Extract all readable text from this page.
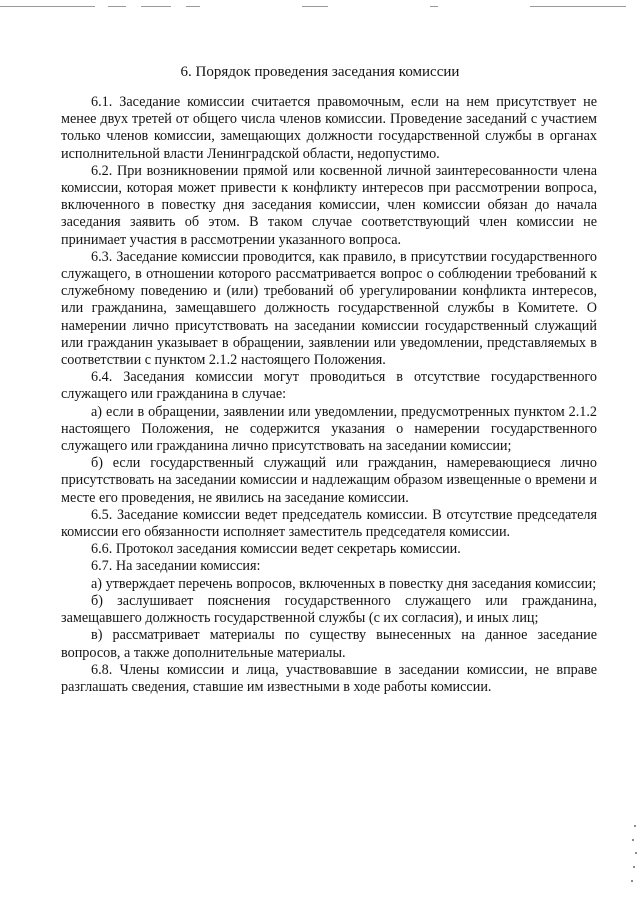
6. Порядок проведения заседания комиссии

6.1. Заседание комиссии считается правомочным, если на нем присутствует не менее двух третей от общего числа членов комиссии. Проведение заседаний с участием только членов комиссии, замещающих должности государственной службы в органах исполнительной власти Ленинградской области, недопустимо.

6.2. При возникновении прямой или косвенной личной заинтересованности члена комиссии, которая может привести к конфликту интересов при рассмотрении вопроса, включенного в повестку дня заседания комиссии, член комиссии обязан до начала заседания заявить об этом. В таком случае соответствующий член комиссии не принимает участия в рассмотрении указанного вопроса.

6.3. Заседание комиссии проводится, как правило, в присутствии государственного служащего, в отношении которого рассматривается вопрос о соблюдении требований к служебному поведению и (или) требований об урегулировании конфликта интересов, или гражданина, замещавшего должность государственной службы в Комитете. О намерении лично присутствовать на заседании комиссии государственный служащий или гражданин указывает в обращении, заявлении или уведомлении, представляемых в соответствии с пунктом 2.1.2 настоящего Положения.

6.4. Заседания комиссии могут проводиться в отсутствие государственного служащего или гражданина в случае:

а) если в обращении, заявлении или уведомлении, предусмотренных пунктом 2.1.2 настоящего Положения, не содержится указания о намерении государственного служащего или гражданина лично присутствовать на заседании комиссии;

б) если государственный служащий или гражданин, намеревающиеся лично присутствовать на заседании комиссии и надлежащим образом извещенные о времени и месте его проведения, не явились на заседание комиссии.

6.5. Заседание комиссии ведет председатель комиссии. В отсутствие председателя комиссии его обязанности исполняет заместитель председателя комиссии.

6.6. Протокол заседания комиссии ведет секретарь комиссии.

6.7. На заседании комиссия:

а) утверждает перечень вопросов, включенных в повестку дня заседания комиссии;

б) заслушивает пояснения государственного служащего или гражданина, замещавшего должность государственной службы (с их согласия), и иных лиц;

в) рассматривает материалы по существу вынесенных на данное заседание вопросов, а также дополнительные материалы.

6.8. Члены комиссии и лица, участвовавшие в заседании комиссии, не вправе разглашать сведения, ставшие им известными в ходе работы комиссии.
